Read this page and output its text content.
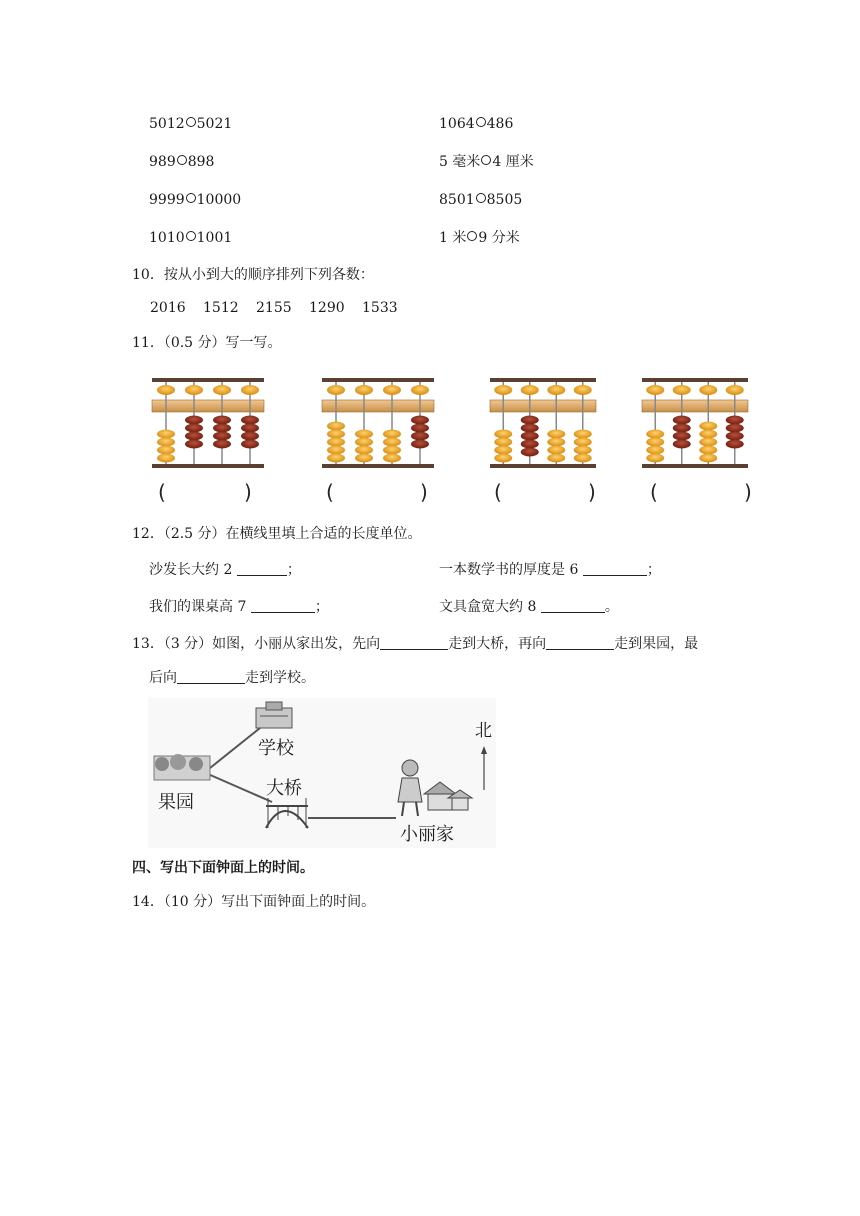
5012 5021	1064 486
989 898	5 毫米 4 厘米
9999 10000	8501 8505
1010 1001	1 米 9 分米
10．按从小到大的顺序排列下列各数：
2016 1512 2155 1290 1533
11．（0.5 分）写一写。
(	)	(	)	(	)	(	)
12．（2.5 分）在横线里填上合适的长度单位。
沙发长大约 2	；	一本数学书的厚度是 6	；
我们的课桌高 7	；	文具盒宽大约 8	。
13．（3 分）如图，小丽从家出发，先向	走到大桥，再向	走到果园，最
后向	走到学校。
学校
大桥
果园
小丽家
北
四、写出下面钟面上的时间。
14．（10 分）写出下面钟面上的时间。
